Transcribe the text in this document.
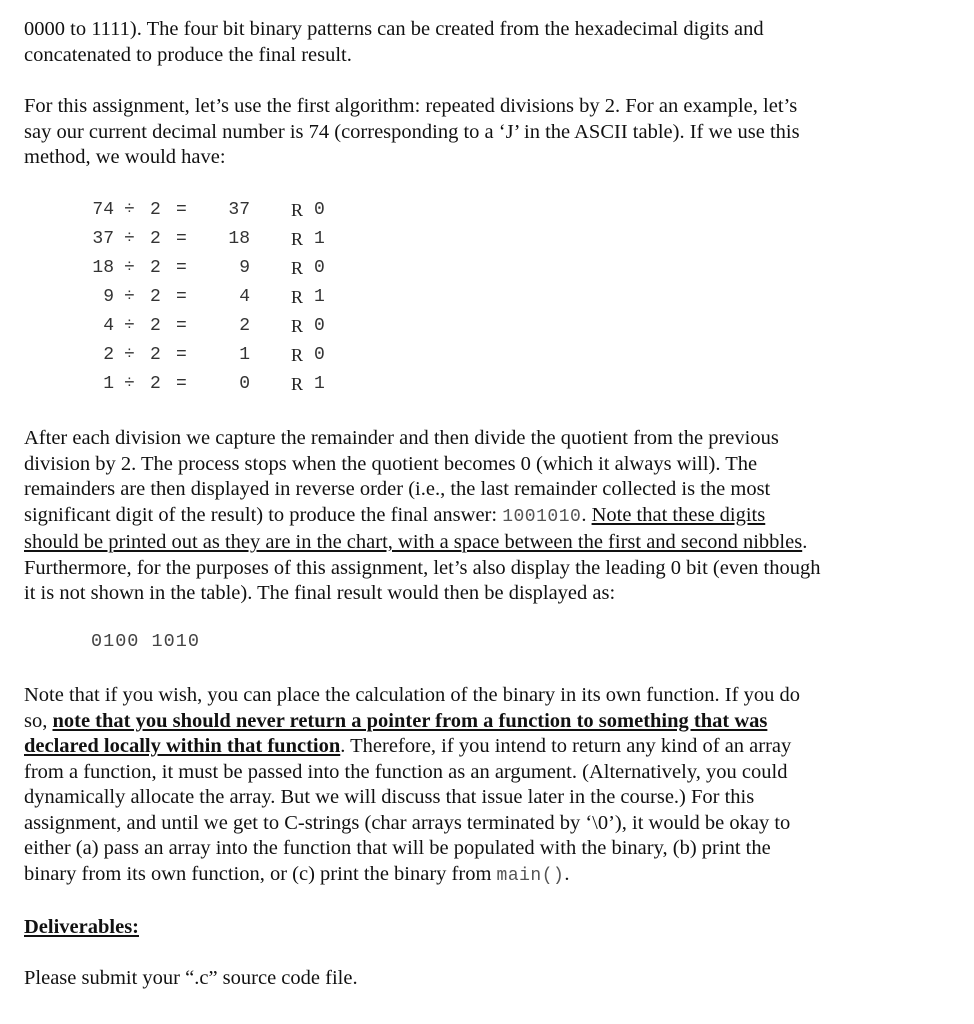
0000 to 1111). The four bit binary patterns can be created from the hexadecimal digits and
concatenated to produce the final result.
For this assignment, let’s use the first algorithm: repeated divisions by 2. For an example, let’s
say our current decimal number is 74 (corresponding to a ‘J’ in the ASCII table). If we use this
method, we would have:
74 ÷ 2 =	37 R 0
37 ÷ 2 =	18 R 1
18 ÷ 2 =	9 R 0
9 ÷ 2 =	4 R 1
4 ÷ 2 =	2 R 0
2 ÷ 2 =	1 R 0
1 ÷ 2 =	0 R 1
After each division we capture the remainder and then divide the quotient from the previous
division by 2. The process stops when the quotient becomes 0 (which it always will). The
remainders are then displayed in reverse order (i.e., the last remainder collected is the most
significant digit of the result) to produce the final answer: 1001010. Note that these digits
should be printed out as they are in the chart, with a space between the first and second nibbles.
Furthermore, for the purposes of this assignment, let’s also display the leading 0 bit (even though
it is not shown in the table). The final result would then be displayed as:
0100 1010
Note that if you wish, you can place the calculation of the binary in its own function. If you do
so, note that you should never return a pointer from a function to something that was
declared locally within that function. Therefore, if you intend to return any kind of an array
from a function, it must be passed into the function as an argument. (Alternatively, you could
dynamically allocate the array. But we will discuss that issue later in the course.) For this
assignment, and until we get to C-strings (char arrays terminated by ‘\0’), it would be okay to
either (a) pass an array into the function that will be populated with the binary, (b) print the
binary from its own function, or (c) print the binary from main().
Deliverables:
Please submit your “.c” source code file.
